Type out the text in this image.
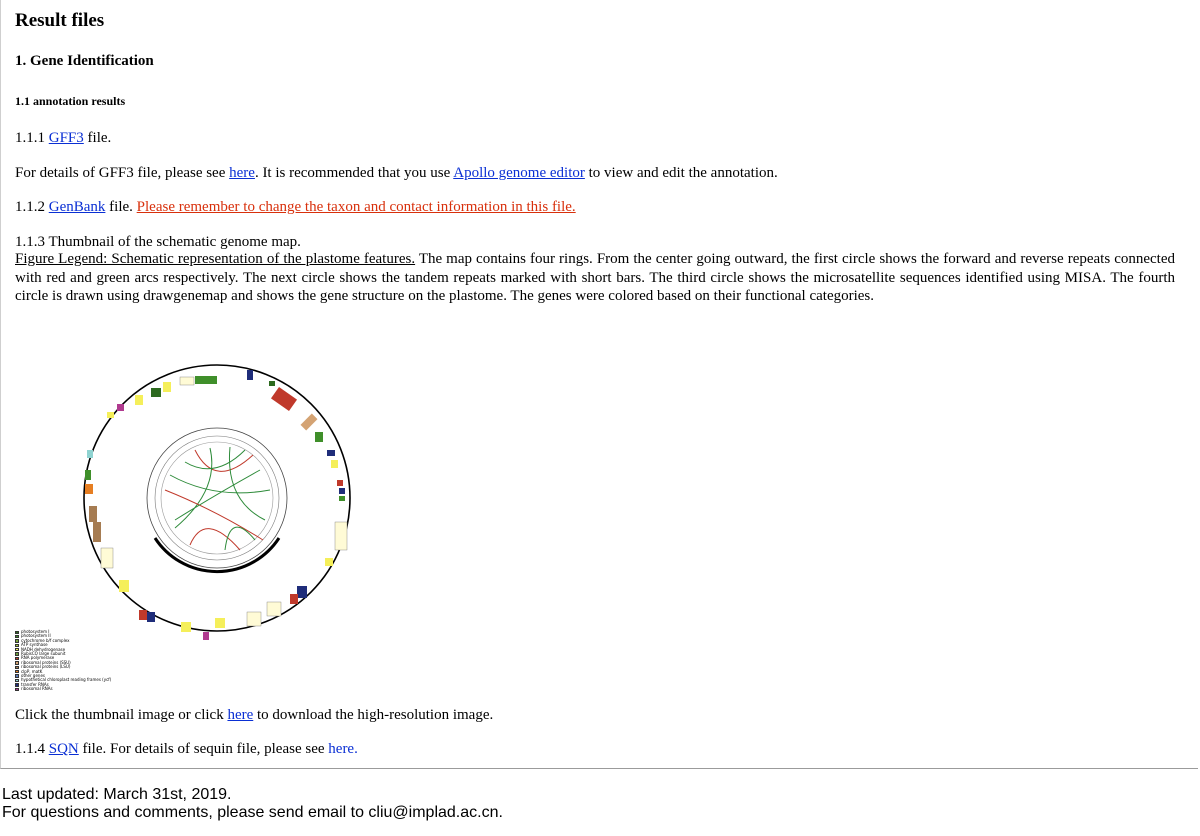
Result files
1. Gene Identification
1.1 annotation results

1.1.1 GFF3 file.

For details of GFF3 file, please see here. It is recommended that you use Apollo genome editor to view and edit the annotation.

1.1.2 GenBank file. Please remember to change the taxon and contact information in this file.

1.1.3 Thumbnail of the schematic genome map.

Figure Legend: Schematic representation of the plastome features. The map contains four rings. From the center going outward, the first circle shows the forward and reverse repeats connected with red and green arcs respectively. The next circle shows the tandem repeats marked with short bars. The third circle shows the microsatellite sequences identified using MISA. The fourth circle is drawn using drawgenemap and shows the gene structure on the plastome. The genes were colored based on their functional categories.

Click the thumbnail image or click here to download the high-resolution image.

1.1.4 SQN file. For details of sequin file, please see here.

photosystem I
photosystem II
cytochrome b/f complex
ATP synthase
NADH dehydrogenase
RubisCO large subunit
RNA polymerase
ribosomal proteins (SSU)
ribosomal proteins (LSU)
clpP, matK
other genes
hypothetical chloroplast reading frames (ycf)
transfer RNAs
ribosomal RNAs
Last updated: March 31st, 2019.
For questions and comments, please send email to cliu@implad.ac.cn.
